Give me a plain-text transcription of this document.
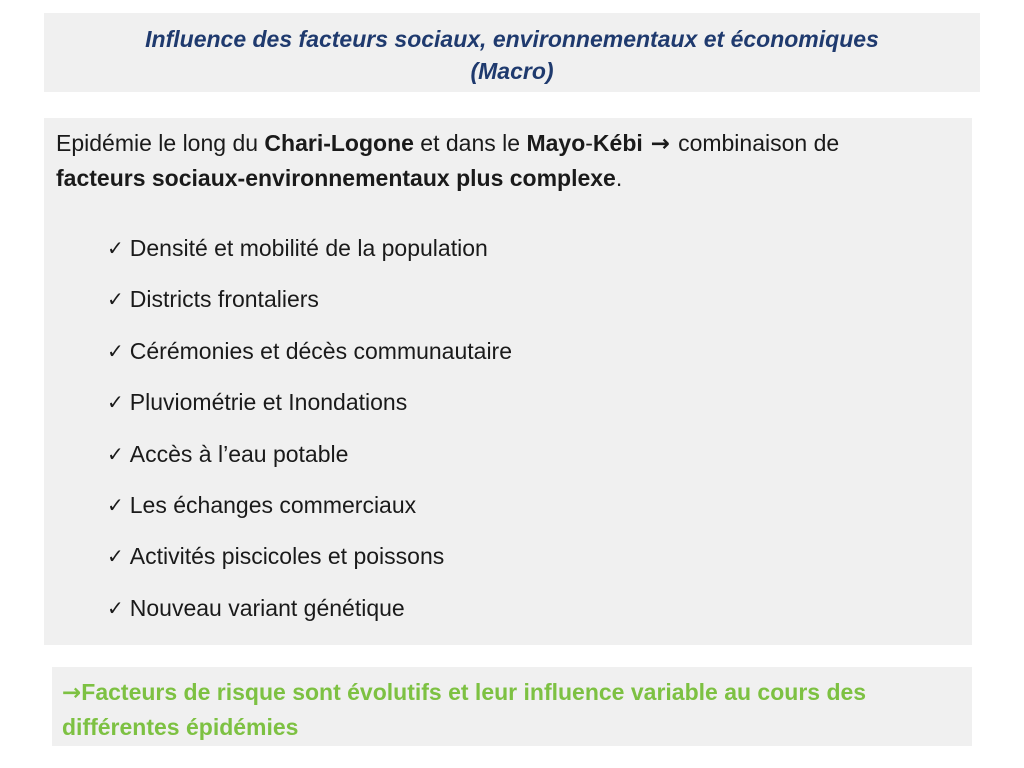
Influence des facteurs sociaux, environnementaux et économiques
(Macro)

Epidémie le long du Chari-Logone et dans le Mayo-Kébi → combinaison de
facteurs sociaux-environnementaux plus complexe.

✓ Densité et mobilité de la population
✓ Districts frontaliers
✓ Cérémonies et décès communautaire
✓ Pluviométrie et Inondations
✓ Accès à l’eau potable
✓ Les échanges commerciaux
✓ Activités piscicoles et poissons
✓ Nouveau variant génétique
→Facteurs de risque sont évolutifs et leur influence variable au cours des différentes épidémies
